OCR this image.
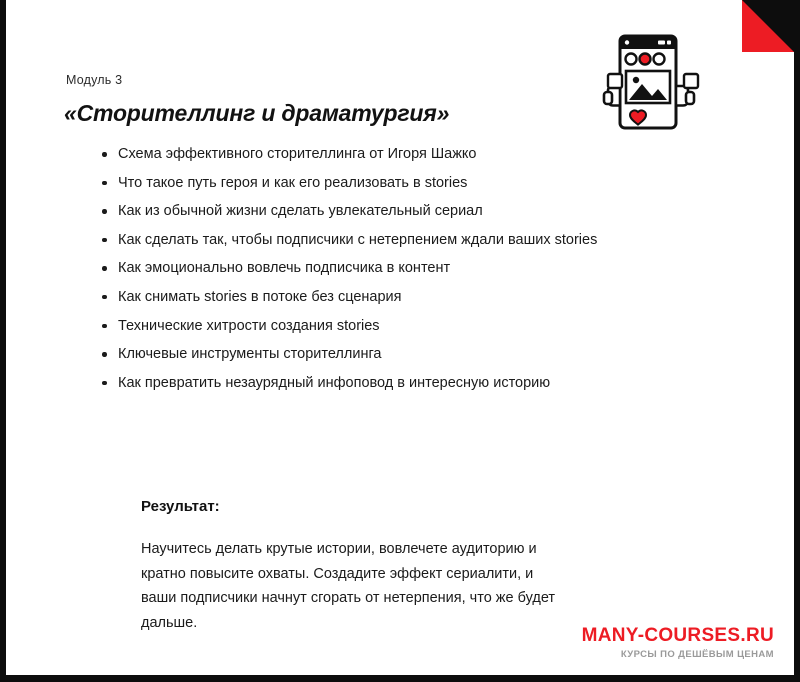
Модуль 3
«Сторителлинг и драматургия»
Схема эффективного сторителлинга от Игоря Шажко
Что такое путь героя и как его реализовать в stories
Как из обычной жизни сделать увлекательный сериал
Как сделать так, чтобы подписчики с нетерпением ждали ваших stories
Как эмоционально вовлечь подписчика в контент
Как снимать stories в потоке без сценария
Технические хитрости создания stories
Ключевые инструменты сторителлинга
Как превратить незаурядный инфоповод в интересную историю
Результат:
Научитесь делать крутые истории, вовлечете аудиторию и кратно повысите охваты. Создадите эффект сериалити, и ваши подписчики начнут сгорать от нетерпения, что же будет дальше.
MANY-COURSES.RU
КУРСЫ ПО ДЕШЁВЫМ ЦЕНАМ
